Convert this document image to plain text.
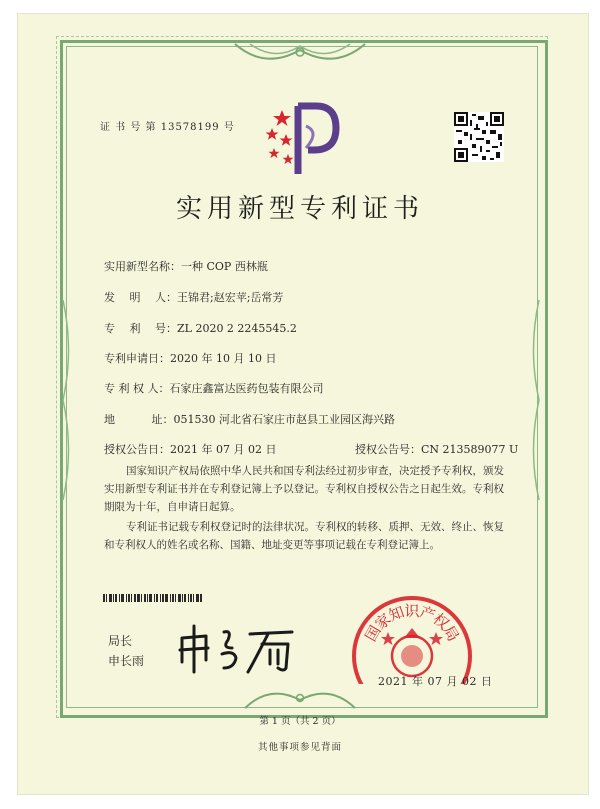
证 书 号 第 13578199 号
实用新型专利证书
实用新型名称：一种 COP 西林瓶
发　 明　 人：王锦君;赵宏苹;岳常芳
专　 利　 号：ZL 2020 2 2245545.2
专利申请日：2020 年 10 月 10 日
专 利 权 人：石家庄鑫富达医药包装有限公司
地　　　 址：051530 河北省石家庄市赵县工业园区海兴路
授权公告日：2021 年 07 月 02 日	授权公告号：CN 213589077 U
国家知识产权局依照中华人民共和国专利法经过初步审查，决定授予专利权，颁发实用新型专利证书并在专利登记簿上予以登记。专利权自授权公告之日起生效。专利权期限为十年，自申请日起算。
专利证书记载专利权登记时的法律状况。专利权的转移、质押、无效、终止、恢复和专利权人的姓名或名称、国籍、地址变更等事项记载在专利登记簿上。
局长
申长雨
国
家
知
识
产
权
局
2021 年 07 月 02 日
第 1 页（共 2 页）
其他事项参见背面
